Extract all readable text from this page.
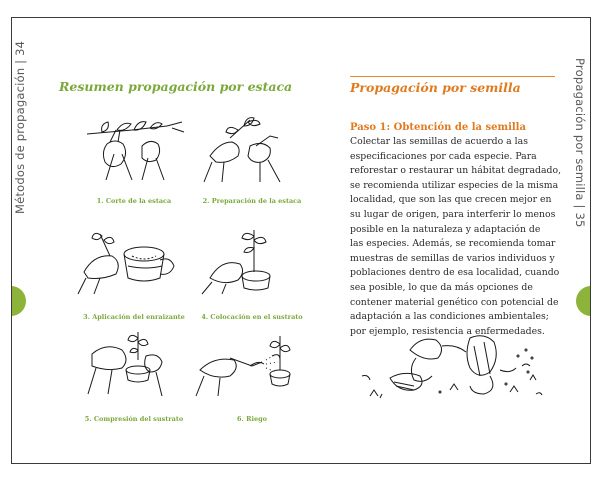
Métodos de propagación | 34	Propagación por semilla | 35
Resumen propagación por estaca
1. Corte de la estaca	2. Preparación de la estaca
3. Aplicación del enraizante	4. Colocación en el sustrato
5. Compresión del sustrato	6. Riego
Propagación por semilla
Paso 1: Obtención de la semilla
Colectar las semillas de acuerdo a las
especificaciones por cada especie. Para
reforestar o restaurar un hábitat degradado,
se recomienda utilizar especies de la misma
localidad, que son las que crecen mejor en
su lugar de origen, para interferir lo menos
posible en la naturaleza y adaptación de
las especies. Además, se recomienda tomar
muestras de semillas de varios individuos y
poblaciones dentro de esa localidad, cuando
sea posible, lo que da más opciones de
contener material genético con potencial de
adaptación a las condiciones ambientales;
por ejemplo, resistencia a enfermedades.
